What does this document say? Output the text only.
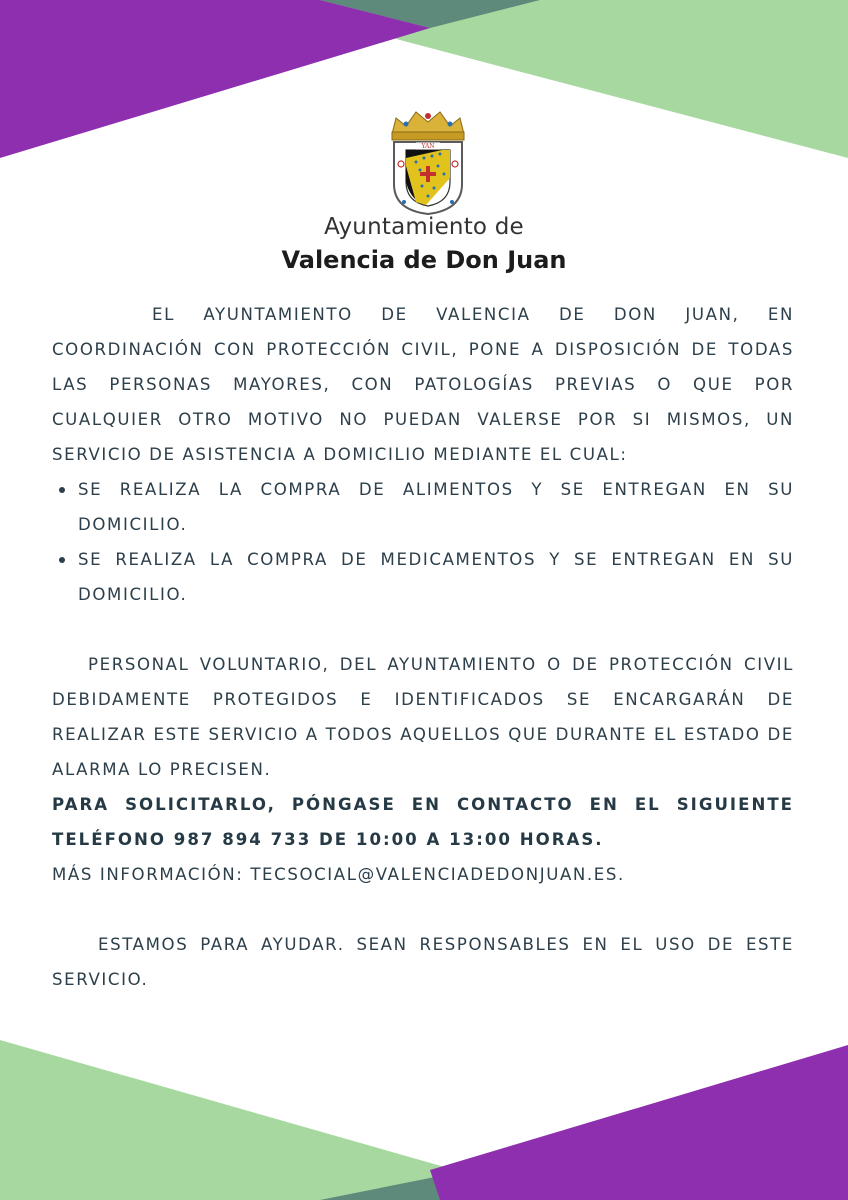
YAN
Ayuntamiento de
Valencia de Don Juan

EL AYUNTAMIENTO DE VALENCIA DE DON JUAN, EN COORDINACIÓN CON PROTECCIÓN CIVIL, PONE A DISPOSICIÓN DE TODAS LAS PERSONAS MAYORES, CON PATOLOGÍAS PREVIAS O QUE POR CUALQUIER OTRO MOTIVO NO PUEDAN VALERSE POR SI MISMOS, UN SERVICIO DE ASISTENCIA A DOMICILIO MEDIANTE EL CUAL:

SE REALIZA LA COMPRA DE ALIMENTOS Y SE ENTREGAN EN SU DOMICILIO.
SE REALIZA LA COMPRA DE MEDICAMENTOS Y SE ENTREGAN EN SU DOMICILIO.

PERSONAL VOLUNTARIO, DEL AYUNTAMIENTO O DE PROTECCIÓN CIVIL DEBIDAMENTE PROTEGIDOS E IDENTIFICADOS SE ENCARGARÁN DE REALIZAR ESTE SERVICIO A TODOS AQUELLOS QUE DURANTE EL ESTADO DE ALARMA LO PRECISEN.

PARA SOLICITARLO, PÓNGASE EN CONTACTO EN EL SIGUIENTE TELÉFONO 987 894 733 DE 10:00 A 13:00 HORAS.

MÁS INFORMACIÓN: TECSOCIAL@VALENCIADEDONJUAN.ES.

ESTAMOS PARA AYUDAR. SEAN RESPONSABLES EN EL USO DE ESTE SERVICIO.
